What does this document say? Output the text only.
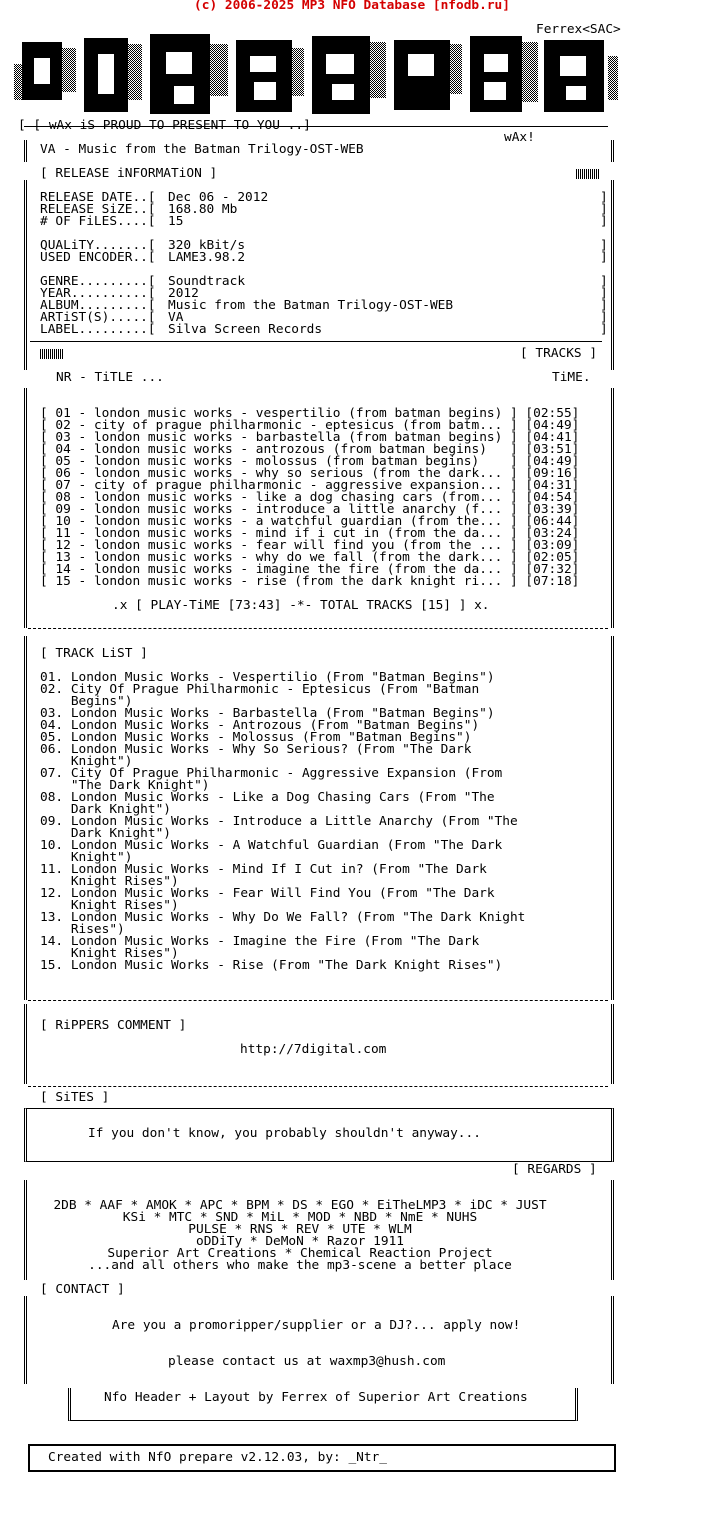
(c) 2006-2025 MP3 NFO Database [nfodb.ru]
Ferrex<SAC>
[ [ wAx iS PROUD TO PRESENT TO YOU ..]
wAx!
VA - Music from the Batman Trilogy-OST-WEB
[ RELEASE iNFORMATiON ]
RELEASE DATE..[ Dec 06 - 2012	]
RELEASE SiZE..[ 168.80 Mb	]
# OF FiLES....[ 15	]
QUALiTY.......[ 320 kBit/s	]
USED ENCODER..[ LAME3.98.2	]
GENRE.........[ Soundtrack	]
YEAR..........[ 2012	]
ALBUM.........[ Music from the Batman Trilogy-OST-WEB	]
ARTiST(S).....[ VA	]
LABEL.........[ Silva Screen Records	]
[ TRACKS ]
NR - TiTLE ...	TiME.
[ 01 - london music works - vespertilio (from batman begins) ] [02:55]
[ 02 - city of prague philharmonic - eptesicus (from batm... ] [04:49]
[ 03 - london music works - barbastella (from batman begins) ] [04:41]
[ 04 - london music works - antrozous (from batman begins)   ] [03:51]
[ 05 - london music works - molossus (from batman begins)    ] [04:49]
[ 06 - london music works - why so serious (from the dark... ] [09:16]
[ 07 - city of prague philharmonic - aggressive expansion... ] [04:31]
[ 08 - london music works - like a dog chasing cars (from... ] [04:54]
[ 09 - london music works - introduce a little anarchy (f... ] [03:39]
[ 10 - london music works - a watchful guardian (from the... ] [06:44]
[ 11 - london music works - mind if i cut in (from the da... ] [03:24]
[ 12 - london music works - fear will find you (from the ... ] [03:09]
[ 13 - london music works - why do we fall (from the dark... ] [02:05]
[ 14 - london music works - imagine the fire (from the da... ] [07:32]
[ 15 - london music works - rise (from the dark knight ri... ] [07:18]
.x [ PLAY-TiME [73:43] -*- TOTAL TRACKS [15] ] x.
[ TRACK LiST ]
01. London Music Works - Vespertilio (From "Batman Begins")
02. City Of Prague Philharmonic - Eptesicus (From "Batman
Begins")
03. London Music Works - Barbastella (From "Batman Begins")
04. London Music Works - Antrozous (From "Batman Begins")
05. London Music Works - Molossus (From "Batman Begins")
06. London Music Works - Why So Serious? (From "The Dark
Knight")
07. City Of Prague Philharmonic - Aggressive Expansion (From
"The Dark Knight")
08. London Music Works - Like a Dog Chasing Cars (From "The
Dark Knight")
09. London Music Works - Introduce a Little Anarchy (From "The
Dark Knight")
10. London Music Works - A Watchful Guardian (From "The Dark
Knight")
11. London Music Works - Mind If I Cut in? (From "The Dark
Knight Rises")
12. London Music Works - Fear Will Find You (From "The Dark
Knight Rises")
13. London Music Works - Why Do We Fall? (From "The Dark Knight
Rises")
14. London Music Works - Imagine the Fire (From "The Dark
Knight Rises")
15. London Music Works - Rise (From "The Dark Knight Rises")
[ RiPPERS COMMENT ]
http://7digital.com
[ SiTES ]
If you don't know, you probably shouldn't anyway...
[ REGARDS ]
2DB * AAF * AMOK * APC * BPM * DS * EGO * EiTheLMP3 * iDC * JUST
KSi * MTC * SND * MiL * MOD * NBD * NmE * NUHS
PULSE * RNS * REV * UTE * WLM
oDDiTy * DeMoN * Razor 1911
Superior Art Creations * Chemical Reaction Project
...and all others who make the mp3-scene a better place
[ CONTACT ]
Are you a promoripper/supplier or a DJ?... apply now!
please contact us at waxmp3@hush.com
Nfo Header + Layout by Ferrex of Superior Art Creations
Created with NfO prepare v2.12.03, by: _Ntr_
